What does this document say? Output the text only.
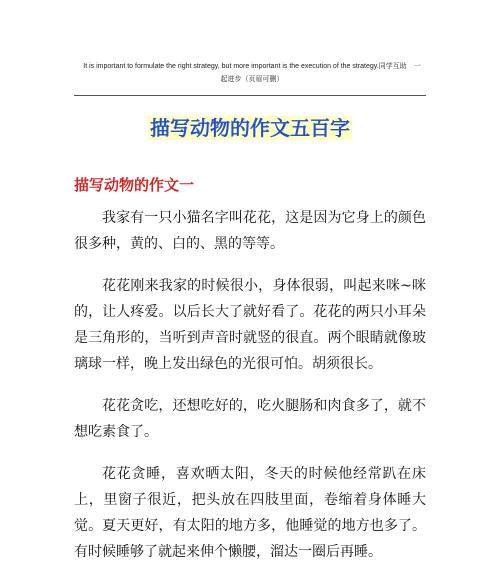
It is important to formulate the right strategy, but more important is the execution of the strategy.同学互助　一
起进步（页眉可删）
描写动物的作文五百字
描写动物的作文一

我家有一只小猫名字叫花花，这是因为它身上的颜色很多种，黄的、白的、黑的等等。

花花刚来我家的时候很小，身体很弱，叫起来咪~咪的，让人疼爱。以后长大了就好看了。花花的两只小耳朵是三角形的，当听到声音时就竖的很直。两个眼睛就像玻璃球一样，晚上发出绿色的光很可怕。胡须很长。

花花贪吃，还想吃好的，吃火腿肠和肉食多了，就不想吃素食了。

花花贪睡，喜欢晒太阳，冬天的时候他经常趴在床上，里窗子很近，把头放在四肢里面，卷缩着身体睡大觉。夏天更好，有太阳的地方多，他睡觉的地方也多了。有时候睡够了就起来伸个懒腰，溜达一圈后再睡。
